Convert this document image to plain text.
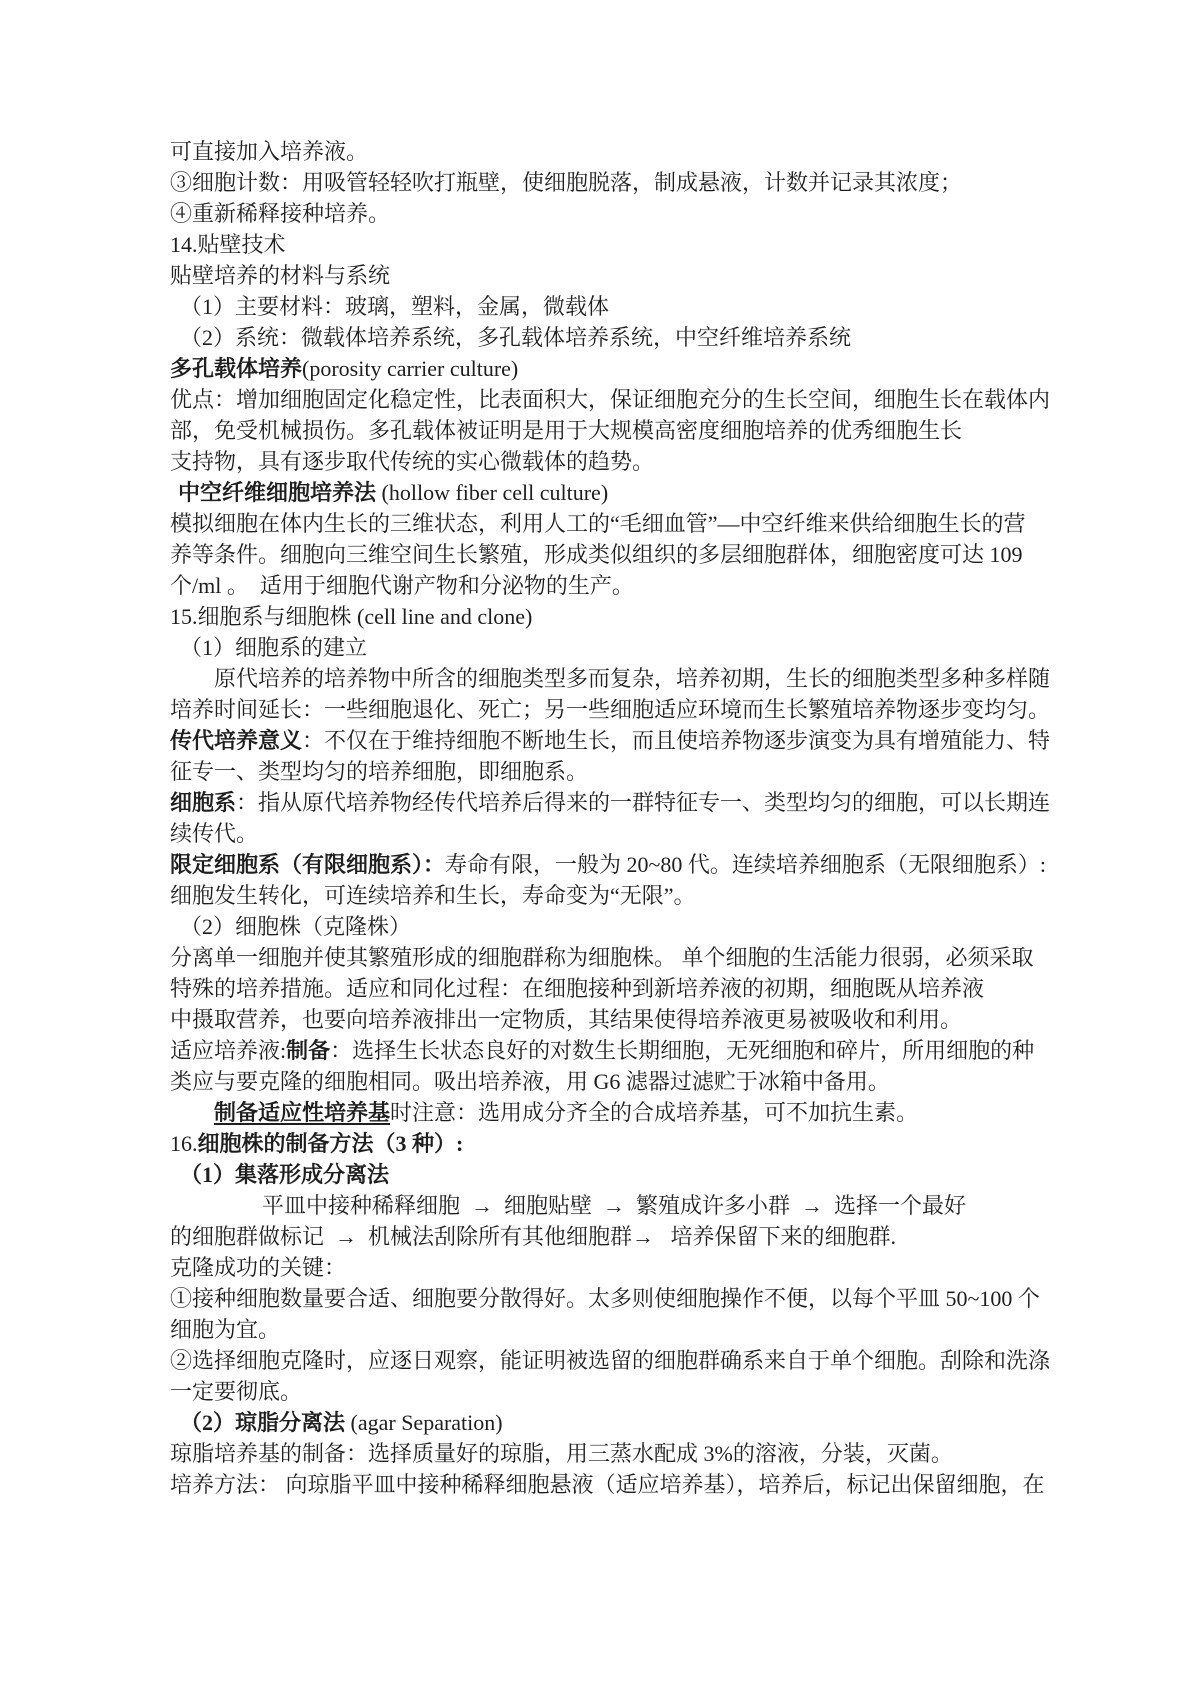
可直接加入培养液。
③细胞计数：用吸管轻轻吹打瓶壁，使细胞脱落，制成悬液，计数并记录其浓度；
④重新稀释接种培养。
14.贴壁技术
贴壁培养的材料与系统
（1）主要材料：玻璃，塑料，金属，微载体
（2）系统：微载体培养系统，多孔载体培养系统，中空纤维培养系统
多孔载体培养(porosity carrier culture)
优点：增加细胞固定化稳定性，比表面积大，保证细胞充分的生长空间，细胞生长在载体内
部，免受机械损伤。多孔载体被证明是用于大规模高密度细胞培养的优秀细胞生长
支持物，具有逐步取代传统的实心微载体的趋势。
中空纤维细胞培养法 (hollow fiber cell culture)
模拟细胞在体内生长的三维状态，利用人工的“毛细血管”—中空纤维来供给细胞生长的营
养等条件。细胞向三维空间生长繁殖，形成类似组织的多层细胞群体，细胞密度可达 109
个/ml 。  适用于细胞代谢产物和分泌物的生产。
15.细胞系与细胞株 (cell line and clone)
（1）细胞系的建立
原代培养的培养物中所含的细胞类型多而复杂，培养初期，生长的细胞类型多种多样随
培养时间延长：一些细胞退化、死亡；另一些细胞适应环境而生长繁殖培养物逐步变均匀。
传代培养意义：不仅在于维持细胞不断地生长，而且使培养物逐步演变为具有增殖能力、特
征专一、类型均匀的培养细胞，即细胞系。
细胞系：指从原代培养物经传代培养后得来的一群特征专一、类型均匀的细胞，可以长期连
续传代。
限定细胞系（有限细胞系）：寿命有限，一般为 20~80 代。连续培养细胞系（无限细胞系）:
细胞发生转化，可连续培养和生长，寿命变为“无限”。
（2）细胞株（克隆株）
分离单一细胞并使其繁殖形成的细胞群称为细胞株。 单个细胞的生活能力很弱，必须采取
特殊的培养措施。适应和同化过程：在细胞接种到新培养液的初期，细胞既从培养液
中摄取营养，也要向培养液排出一定物质，其结果使得培养液更易被吸收和利用。
适应培养液:制备：选择生长状态良好的对数生长期细胞，无死细胞和碎片，所用细胞的种
类应与要克隆的细胞相同。吸出培养液，用 G6 滤器过滤贮于冰箱中备用。
制备适应性培养基时注意：选用成分齐全的合成培养基，可不加抗生素。
16.细胞株的制备方法（3 种）:
（1）集落形成分离法
平皿中接种稀释细胞  →  细胞贴壁  →  繁殖成许多小群  →  选择一个最好
的细胞群做标记  →  机械法刮除所有其他细胞群→   培养保留下来的细胞群.
克隆成功的关键：
①接种细胞数量要合适、细胞要分散得好。太多则使细胞操作不便，以每个平皿 50~100 个
细胞为宜。
②选择细胞克隆时，应逐日观察，能证明被选留的细胞群确系来自于单个细胞。刮除和洗涤
一定要彻底。
（2）琼脂分离法 (agar Separation)
琼脂培养基的制备：选择质量好的琼脂，用三蒸水配成 3%的溶液，分装，灭菌。
培养方法： 向琼脂平皿中接种稀释细胞悬液（适应培养基），培养后，标记出保留细胞，在
